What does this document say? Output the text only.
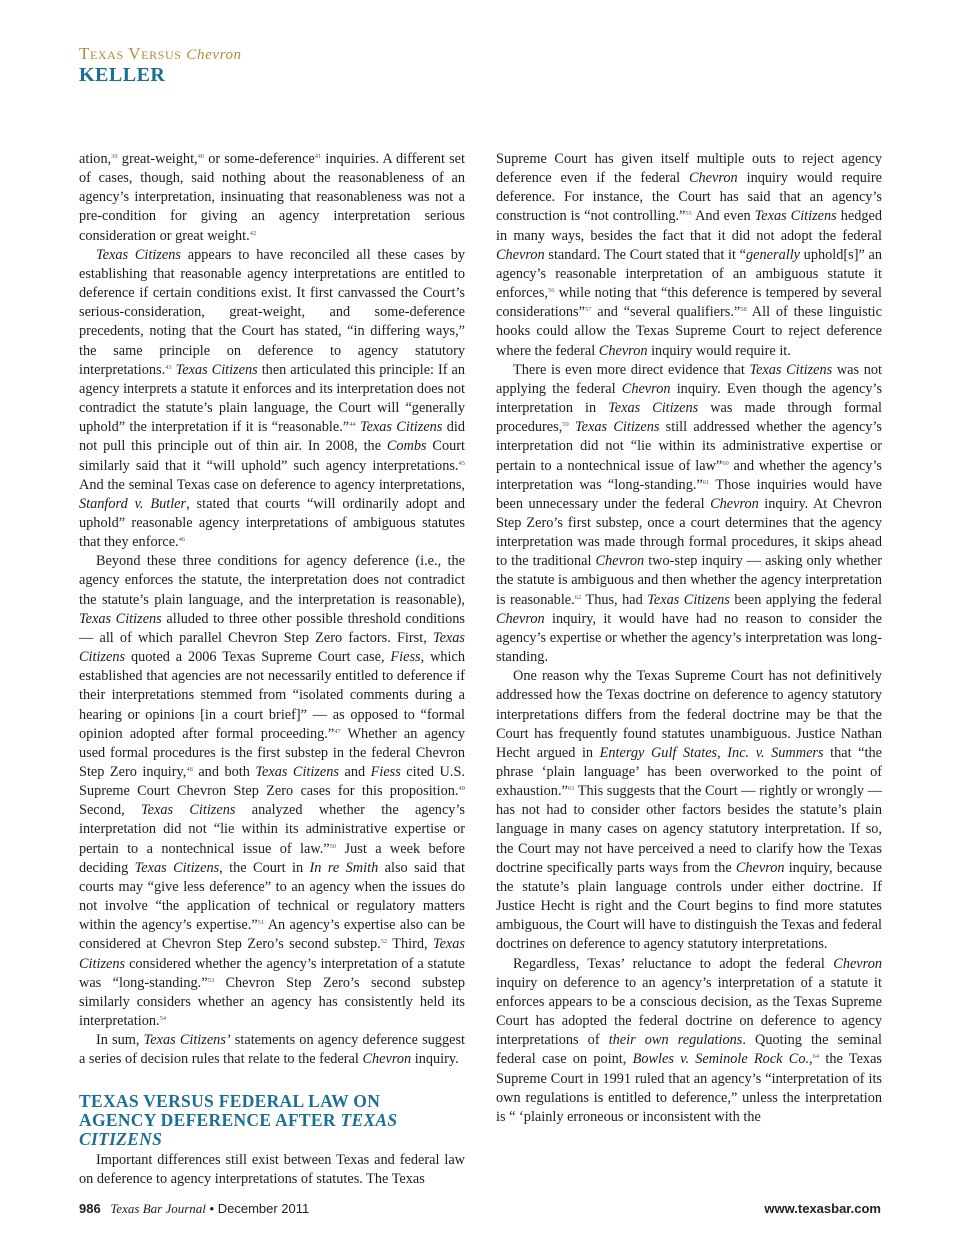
Texas Versus Chevron
KELLER

ation,$^{39}$ great-weight,$^{40}$ or some-deference$^{41}$ inquiries. A different set of cases, though, said nothing about the reasonableness of an agency’s interpretation, insinuating that reasonableness was not a pre-condition for giving an agency interpretation serious consideration or great weight.$^{42}$

Texas Citizens appears to have reconciled all these cases by establishing that reasonable agency interpretations are entitled to deference if certain conditions exist. It first canvassed the Court’s serious-consideration, great-weight, and some-deference precedents, noting that the Court has stated, “in differing ways,” the same principle on deference to agency statutory interpretations.$^{43}$ Texas Citizens then articulated this principle: If an agency interprets a statute it enforces and its interpretation does not contradict the statute’s plain language, the Court will “generally uphold” the interpretation if it is “reasonable.”$^{44}$ Texas Citizens did not pull this principle out of thin air. In 2008, the Combs Court similarly said that it “will uphold” such agency interpretations.$^{45}$ And the seminal Texas case on deference to agency interpretations, Stanford v. Butler, stated that courts “will ordinarily adopt and uphold” reasonable agency interpretations of ambiguous statutes that they enforce.$^{46}$

Beyond these three conditions for agency deference (i.e., the agency enforces the statute, the interpretation does not contradict the statute’s plain language, and the interpretation is reasonable), Texas Citizens alluded to three other possible threshold conditions — all of which parallel Chevron Step Zero factors. First, Texas Citizens quoted a 2006 Texas Supreme Court case, Fiess, which established that agencies are not necessarily entitled to deference if their interpretations stemmed from “isolated comments during a hearing or opinions [in a court brief]” — as opposed to “formal opinion adopted after formal proceeding.”$^{47}$ Whether an agency used formal procedures is the first substep in the federal Chevron Step Zero inquiry,$^{48}$ and both Texas Citizens and Fiess cited U.S. Supreme Court Chevron Step Zero cases for this proposition.$^{49}$ Second, Texas Citizens analyzed whether the agency’s interpretation did not “lie within its administrative expertise or pertain to a nontechnical issue of law.”$^{50}$ Just a week before deciding Texas Citizens, the Court in In re Smith also said that courts may “give less deference” to an agency when the issues do not involve “the application of technical or regulatory matters within the agency’s expertise.”$^{51}$ An agency’s expertise also can be considered at Chevron Step Zero’s second substep.$^{52}$ Third, Texas Citizens considered whether the agency’s interpretation of a statute was “long-standing.”$^{53}$ Chevron Step Zero’s second substep similarly considers whether an agency has consistently held its interpretation.$^{54}$

In sum, Texas Citizens’ statements on agency deference suggest a series of decision rules that relate to the federal Chevron inquiry.

TEXAS VERSUS FEDERAL LAW ON
AGENCY DEFERENCE AFTER TEXAS CITIZENS

Important differences still exist between Texas and federal law on deference to agency interpretations of statutes. The Texas

Supreme Court has given itself multiple outs to reject agency deference even if the federal Chevron inquiry would require deference. For instance, the Court has said that an agency’s construction is “not controlling.”$^{55}$ And even Texas Citizens hedged in many ways, besides the fact that it did not adopt the federal Chevron standard. The Court stated that it “generally uphold[s]” an agency’s reasonable interpretation of an ambiguous statute it enforces,$^{56}$ while noting that “this deference is tempered by several considerations”$^{57}$ and “several qualifiers.”$^{58}$ All of these linguistic hooks could allow the Texas Supreme Court to reject deference where the federal Chevron inquiry would require it.

There is even more direct evidence that Texas Citizens was not applying the federal Chevron inquiry. Even though the agency’s interpretation in Texas Citizens was made through formal procedures,$^{59}$ Texas Citizens still addressed whether the agency’s interpretation did not “lie within its administrative expertise or pertain to a nontechnical issue of law”$^{60}$ and whether the agency’s interpretation was “long-standing.”$^{61}$ Those inquiries would have been unnecessary under the federal Chevron inquiry. At Chevron Step Zero’s first substep, once a court determines that the agency interpretation was made through formal procedures, it skips ahead to the traditional Chevron two-step inquiry — asking only whether the statute is ambiguous and then whether the agency interpretation is reasonable.$^{62}$ Thus, had Texas Citizens been applying the federal Chevron inquiry, it would have had no reason to consider the agency’s expertise or whether the agency’s interpretation was long-standing.

One reason why the Texas Supreme Court has not definitively addressed how the Texas doctrine on deference to agency statutory interpretations differs from the federal doctrine may be that the Court has frequently found statutes unambiguous. Justice Nathan Hecht argued in Entergy Gulf States, Inc. v. Summers that “the phrase ‘plain language’ has been overworked to the point of exhaustion.”$^{63}$ This suggests that the Court — rightly or wrongly — has not had to consider other factors besides the statute’s plain language in many cases on agency statutory interpretation. If so, the Court may not have perceived a need to clarify how the Texas doctrine specifically parts ways from the Chevron inquiry, because the statute’s plain language controls under either doctrine. If Justice Hecht is right and the Court begins to find more statutes ambiguous, the Court will have to distinguish the Texas and federal doctrines on deference to agency statutory interpretations.

Regardless, Texas’ reluctance to adopt the federal Chevron inquiry on deference to an agency’s interpretation of a statute it enforces appears to be a conscious decision, as the Texas Supreme Court has adopted the federal doctrine on deference to agency interpretations of their own regulations. Quoting the seminal federal case on point, Bowles v. Seminole Rock Co.,$^{64}$ the Texas Supreme Court in 1991 ruled that an agency’s “interpretation of its own regulations is entitled to deference,” unless the interpretation is “ ‘plainly erroneous or inconsistent with the

986 Texas Bar Journal • December 2011	www.texasbar.com
